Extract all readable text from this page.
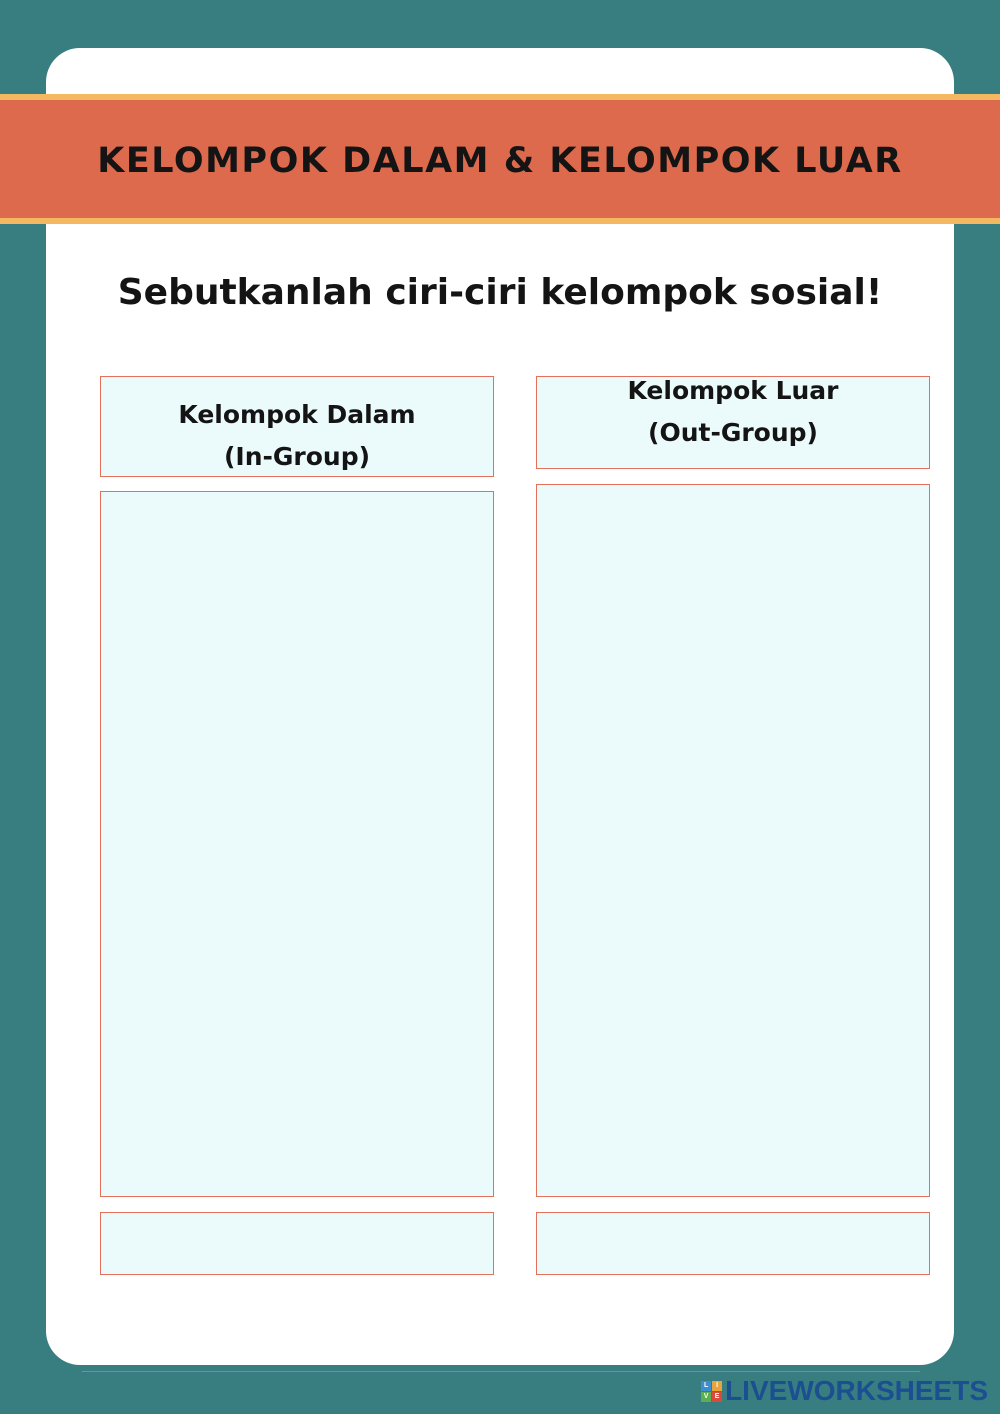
KELOMPOK DALAM & KELOMPOK LUAR
Sebutkanlah ciri-ciri kelompok sosial!
Kelompok Dalam
(In-Group)
Kelompok Luar
(Out-Group)
L	I
V E LIVEWORKSHEETS
